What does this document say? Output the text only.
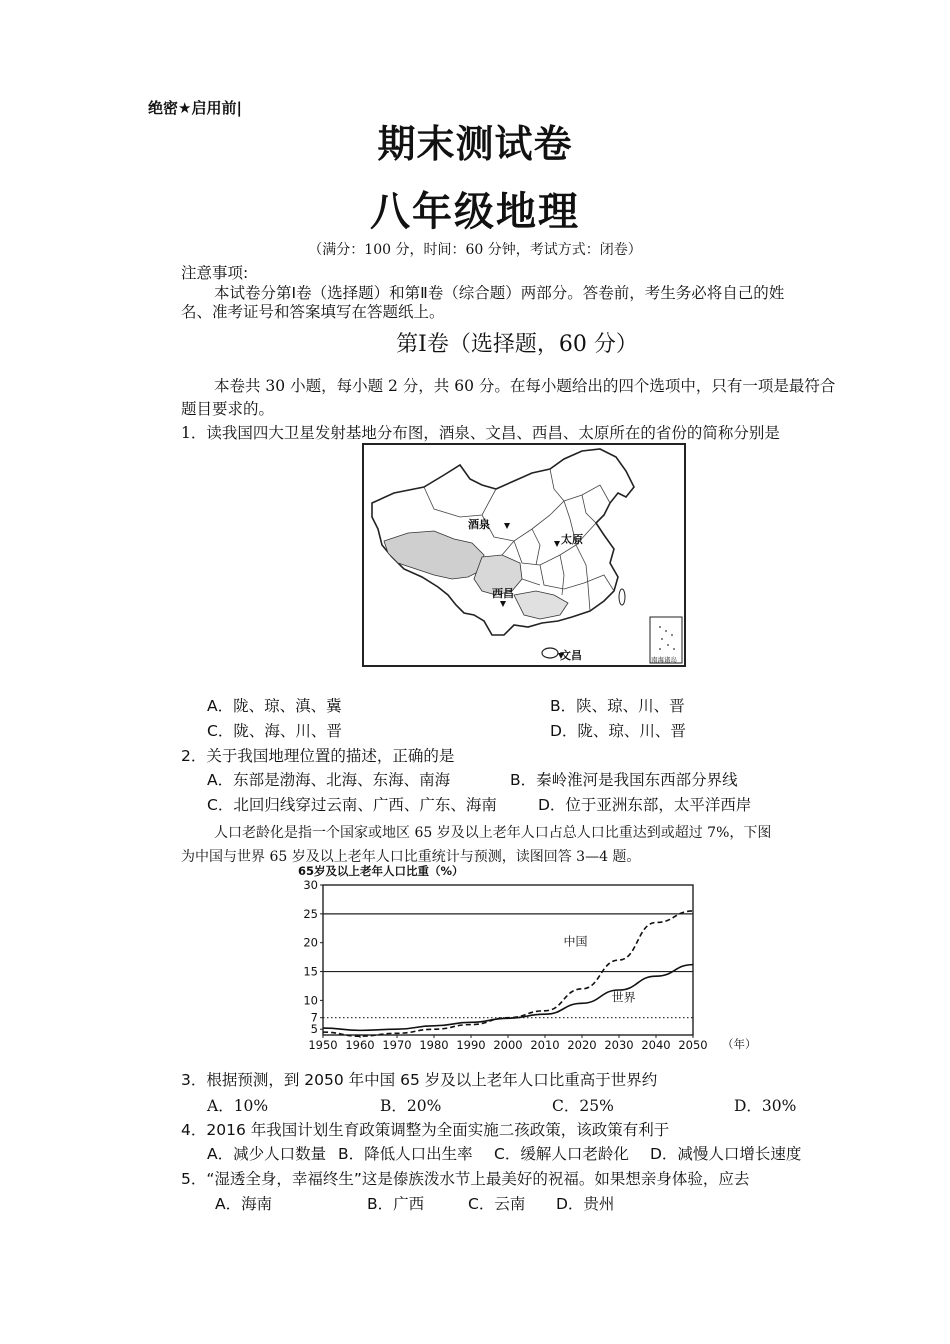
绝密★启用前|
期末测试卷
八年级地理
（满分：100 分，时间：60 分钟，考试方式：闭卷）
注意事项:
本试卷分第Ⅰ卷（选择题）和第Ⅱ卷（综合题）两部分。答卷前，考生务必将自己的姓
名、准考证号和答案填写在答题纸上。
第Ⅰ卷（选择题，60 分）
本卷共 30 小题，每小题 2 分，共 60 分。在每小题给出的四个选项中，只有一项是最符合
题目要求的。
1．读我国四大卫星发射基地分布图，酒泉、文昌、西昌、太原所在的省份的简称分别是
南海诸岛
酒泉
太原
西昌
文昌
A．陇、琼、滇、冀	B．陕、琼、川、晋
C．陇、海、川、晋	D．陇、琼、川、晋
2．关于我国地理位置的描述，正确的是
A．东部是渤海、北海、东海、南海	B．秦岭淮河是我国东西部分界线
C．北回归线穿过云南、广西、广东、海南	D．位于亚洲东部，太平洋西岸
人口老龄化是指一个国家或地区 65 岁及以上老年人口占总人口比重达到或超过 7%，下图
为中国与世界 65 岁及以上老年人口比重统计与预测，读图回答 3—4 题。
65岁及以上老年人口比重（%）
5
7
10
15
20
25
30
1950 1960 1970 1980 1990 2000 2010 2020 2030 2040 2050
中国
世界
（年）
3．根据预测，到 2050 年中国 65 岁及以上老年人口比重高于世界约
A．10%	B．20%	C．25%	D．30%
4．2016 年我国计划生育政策调整为全面实施二孩政策，该政策有利于
A．减少人口数量 B．降低人口出生率 C．缓解人口老龄化 D．减慢人口增长速度
5．“湿透全身，幸福终生”这是傣族泼水节上最美好的祝福。如果想亲身体验，应去
A．海南	B．广西	C．云南 D．贵州
